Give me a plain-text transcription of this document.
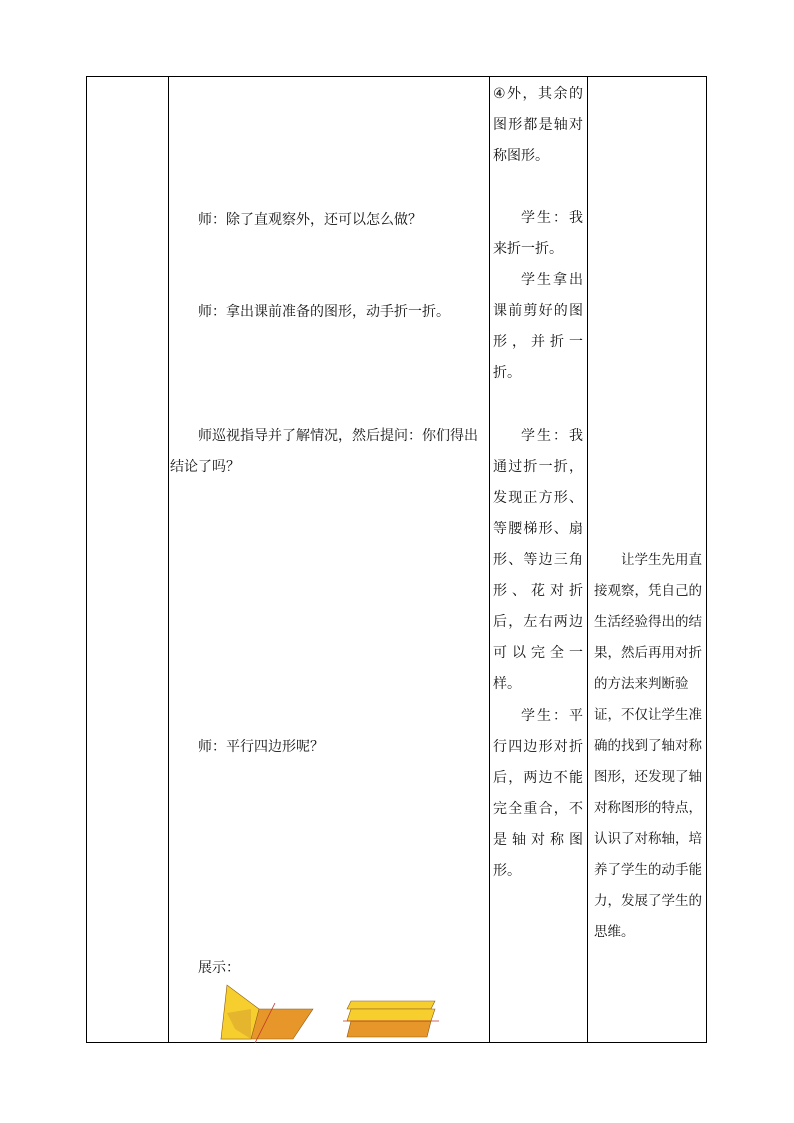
师：除了直观察外，还可以怎么做？

师：拿出课前准备的图形，动手折一折。

师巡视指导并了解情况，然后提问：你们得出结论了吗？

师：平行四边形呢？

展示：

④外，其余的图形都是轴对称图形。

学生：我来折一折。

学生拿出课前剪好的图形，并折一折。

学生：我通过折一折，发现正方形、等腰梯形、扇形、等边三角形、花对折后，左右两边可以完全一样。

学生：平行四边形对折后，两边不能完全重合，不是轴对称图形。

让学生先用直接观察，凭自己的生活经验得出的结果，然后再用对折的方法来判断验证，不仅让学生准确的找到了轴对称图形，还发现了轴对称图形的特点，认识了对称轴，培养了学生的动手能力，发展了学生的思维。
